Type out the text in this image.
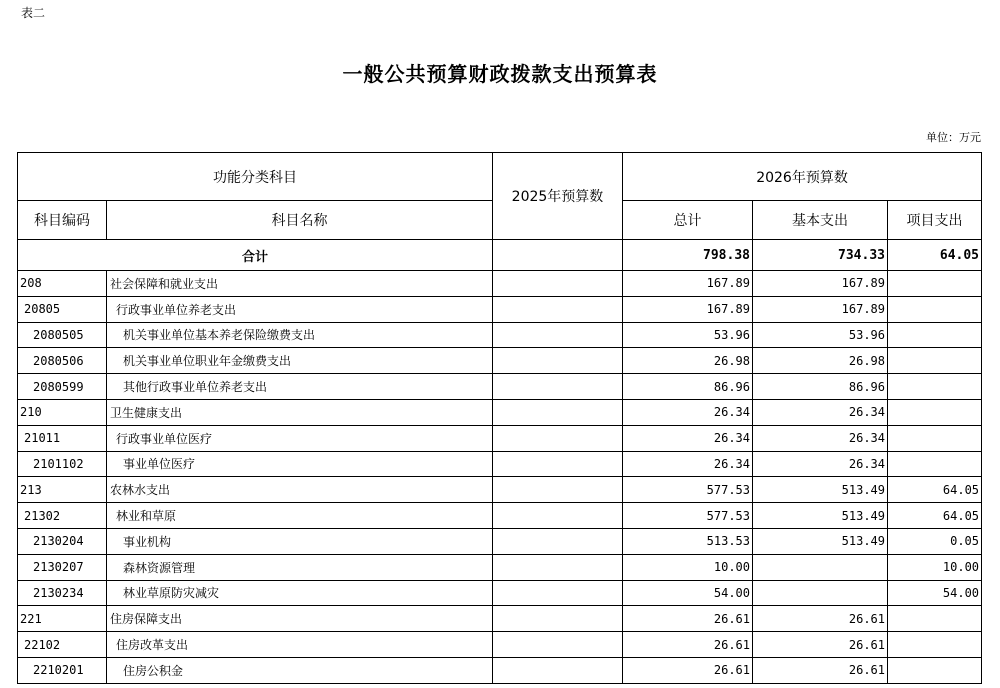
表二
一般公共预算财政拨款支出预算表
单位：万元
功能分类科目		2025年预算数	2026年预算数		
科目编码	科目名称		总计	基本支出	项目支出
合计			798.38	734.33	64.05
208	社会保障和就业支出		167.89	167.89	
20805	行政事业单位养老支出		167.89	167.89	
2080505	机关事业单位基本养老保险缴费支出		53.96	53.96	
2080506	机关事业单位职业年金缴费支出		26.98	26.98	
2080599	其他行政事业单位养老支出		86.96	86.96	
210	卫生健康支出		26.34	26.34	
21011	行政事业单位医疗		26.34	26.34	
2101102	事业单位医疗		26.34	26.34	
213	农林水支出		577.53	513.49	64.05
21302	林业和草原		577.53	513.49	64.05
2130204	事业机构		513.53	513.49	0.05
2130207	森林资源管理		10.00		10.00
2130234	林业草原防灾减灾		54.00		54.00
221	住房保障支出		26.61	26.61	
22102	住房改革支出		26.61	26.61	
2210201	住房公积金		26.61	26.61	
